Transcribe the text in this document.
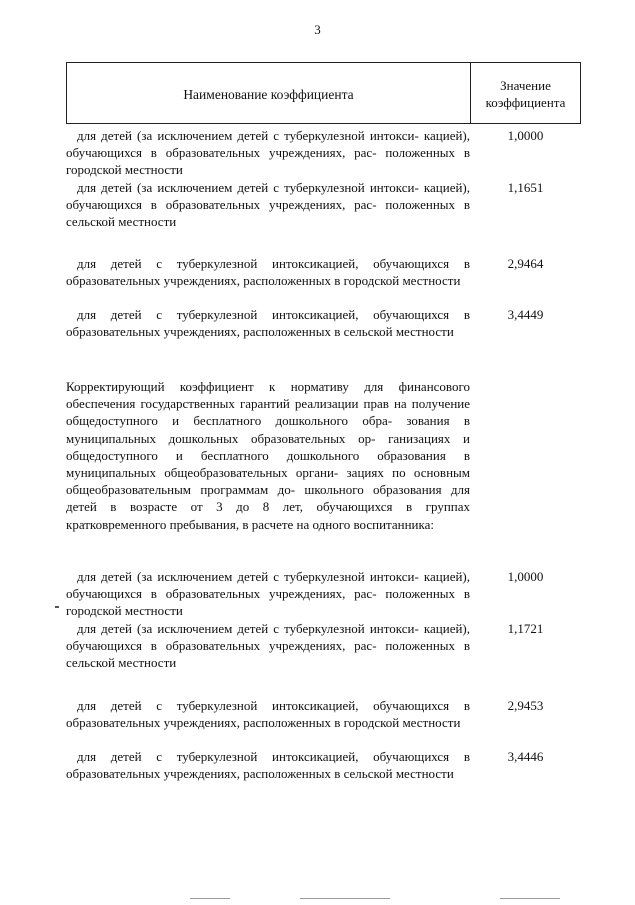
3
Наименование коэффициента
Значение
коэффициента

для детей (за исключением детей с туберкулезной интокси- кацией), обучающихся в образовательных учреждениях, рас- положенных в городской местности

1,0000

для детей (за исключением детей с туберкулезной интокси- кацией), обучающихся в образовательных учреждениях, рас- положенных в сельской местности

1,1651

для детей с туберкулезной интоксикацией, обучающихся в образовательных учреждениях, расположенных в городской местности

2,9464

для детей с туберкулезной интоксикацией, обучающихся в образовательных учреждениях, расположенных в сельской местности

3,4449

Корректирующий коэффициент к нормативу для финансового обеспечения государственных гарантий реализации прав на получение общедоступного и бесплатного дошкольного обра- зования в муниципальных дошкольных образовательных ор- ганизациях и общедоступного и бесплатного дошкольного образования в муниципальных общеобразовательных органи- зациях по основным общеобразовательным программам до- школьного образования для детей в возрасте от 3 до 8 лет, обучающихся в группах кратковременного пребывания, в расчете на одного воспитанника:

для детей (за исключением детей с туберкулезной интокси- кацией), обучающихся в образовательных учреждениях, рас- положенных в городской местности

1,0000

для детей (за исключением детей с туберкулезной интокси- кацией), обучающихся в образовательных учреждениях, рас- положенных в сельской местности

1,1721

для детей с туберкулезной интоксикацией, обучающихся в образовательных учреждениях, расположенных в городской местности

2,9453

для детей с туберкулезной интоксикацией, обучающихся в образовательных учреждениях, расположенных в сельской местности

3,4446
